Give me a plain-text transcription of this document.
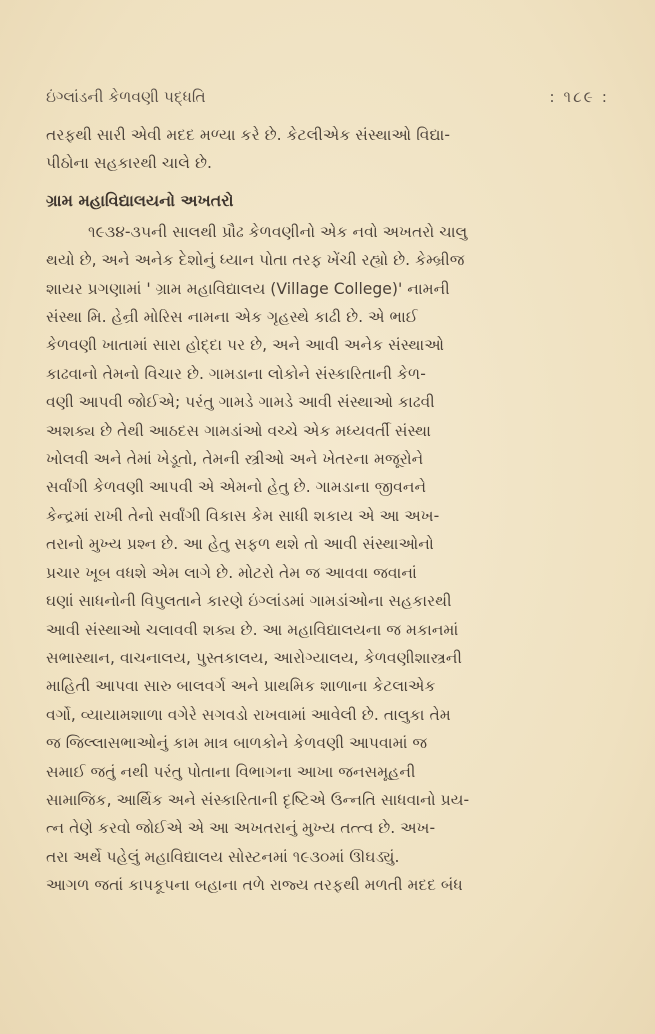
ઇંગ્લાંડની કેળવણી પદ્ધતિ	: ૧૮૯ :

તરફથી સારી એવી મદદ મળ્યા કરે છે. કેટલીએક સંસ્થાઓ વિદ્યા-
પીઠોના સહકારથી ચાલે છે.

ગ્રામ મહાવિદ્યાલયનો અખતરો

૧૯૩૪-૩૫ની સાલથી પ્રૌઢ કેળવણીનો એક નવો અખતરો ચાલુ
થયો છે, અને અનેક દેશોનું ધ્યાન પોતા તરફ ખેંચી રહ્યો છે. કેમ્બ્રીજ
શાયર પ્રગણામાં ' ગ્રામ મહાવિદ્યાલય (Village College)' નામની
સંસ્થા મિ. હેન્રી મોરિસ નામના એક ગૃહસ્થે કાઢી છે. એ ભાઈ
કેળવણી ખાતામાં સારા હોદ્દા પર છે, અને આવી અનેક સંસ્થાઓ
કાઢવાનો તેમનો વિચાર છે. ગામડાના લોકોને સંસ્કારિતાની કેળ-
વણી આપવી જોઈએ; પરંતુ ગામડે ગામડે આવી સંસ્થાઓ કાઢવી
અશક્ય છે તેથી આઠદસ ગામડાંઓ વચ્ચે એક મધ્યવર્તી સંસ્થા
ખોલવી અને તેમાં ખેડૂતો, તેમની સ્ત્રીઓ અને ખેતરના મજૂરોને
સર્વાંગી કેળવણી આપવી એ એમનો હેતુ છે. ગામડાના જીવનને
કેન્દ્રમાં રાખી તેનો સર્વાંગી વિકાસ કેમ સાધી શકાય એ આ અખ-
તરાનો મુખ્ય પ્રશ્ન છે. આ હેતુ સફળ થશે તો આવી સંસ્થાઓનો
પ્રચાર ખૂબ વધશે એમ લાગે છે. મોટરો તેમ જ આવવા જવાનાં
ઘણાં સાધનોની વિપુલતાને કારણે ઇંગ્લાંડમાં ગામડાંઓના સહકારથી
આવી સંસ્થાઓ ચલાવવી શક્ય છે. આ મહાવિદ્યાલયના જ મકાનમાં
સભાસ્થાન, વાચનાલય, પુસ્તકાલય, આરોગ્યાલય, કેળવણીશાસ્ત્રની
માહિતી આપવા સારુ બાલવર્ગ અને પ્રાથમિક શાળાના કેટલાએક
વર્ગો, વ્યાયામશાળા વગેરે સગવડો રાખવામાં આવેલી છે. તાલુકા તેમ
જ જિલ્લાસભાઓનું કામ માત્ર બાળકોને કેળવણી આપવામાં જ
સમાઈ જતું નથી પરંતુ પોતાના વિભાગના આખા જનસમૂહની
સામાજિક, આર્થિક અને સંસ્કારિતાની દૃષ્ટિએ ઉન્નતિ સાધવાનો પ્રય-
ત્ન તેણે કરવો જોઈએ એ આ અખતરાનું મુખ્ય તત્ત્વ છે. અખ-
તરા અર્થે પહેલું મહાવિદ્યાલય સોસ્ટનમાં ૧૯૩૦માં ઊઘડ્યું.
આગળ જતાં કાપકૂપના બહાના તળે રાજ્ય તરફથી મળતી મદદ બંધ
